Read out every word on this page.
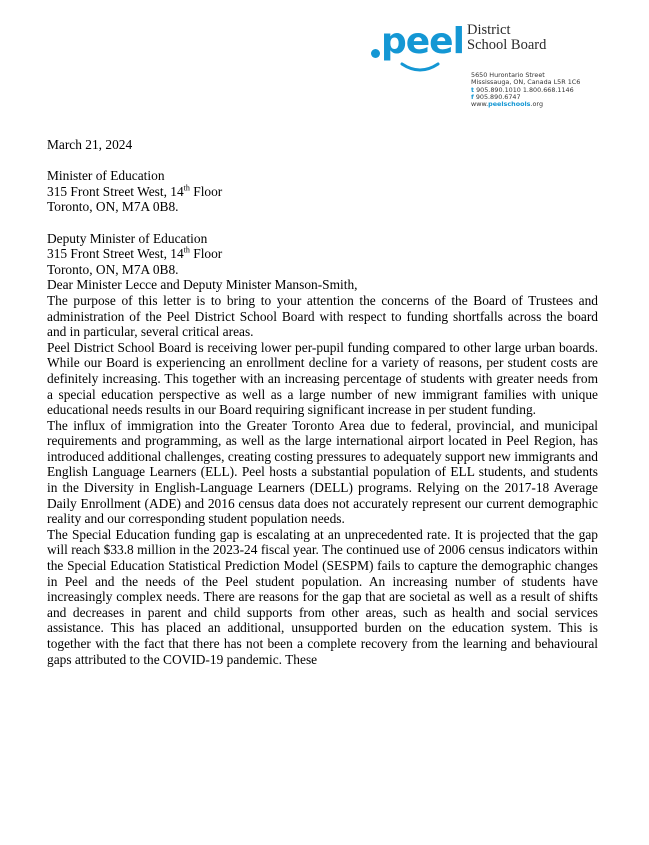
peel District
School Board
5650 Hurontario Street
Mississauga, ON, Canada L5R 1C6
t 905.890.1010 1.800.668.1146
f 905.890.6747
www.peelschools.org

March 21, 2024

Minister of Education

315 Front Street West, 14th Floor

Toronto, ON, M7A 0B8.

Deputy Minister of Education

315 Front Street West, 14th Floor

Toronto, ON, M7A 0B8.

Dear Minister Lecce and Deputy Minister Manson-Smith,

The purpose of this letter is to bring to your attention the concerns of the Board of Trustees and administration of the Peel District School Board with respect to funding shortfalls across the board and in particular, several critical areas.

Peel District School Board is receiving lower per-pupil funding compared to other large urban boards. While our Board is experiencing an enrollment decline for a variety of reasons, per student costs are definitely increasing. This together with an increasing percentage of students with greater needs from a special education perspective as well as a large number of new immigrant families with unique educational needs results in our Board requiring significant increase in per student funding.

The influx of immigration into the Greater Toronto Area due to federal, provincial, and municipal requirements and programming, as well as the large international airport located in Peel Region, has introduced additional challenges, creating costing pressures to adequately support new immigrants and English Language Learners (ELL). Peel hosts a substantial population of ELL students, and students in the Diversity in English-Language Learners (DELL) programs. Relying on the 2017-18 Average Daily Enrollment (ADE) and 2016 census data does not accurately represent our current demographic reality and our corresponding student population needs.

The Special Education funding gap is escalating at an unprecedented rate. It is projected that the gap will reach $33.8 million in the 2023-24 fiscal year. The continued use of 2006 census indicators within the Special Education Statistical Prediction Model (SESPM) fails to capture the demographic changes in Peel and the needs of the Peel student population. An increasing number of students have increasingly complex needs. There are reasons for the gap that are societal as well as a result of shifts and decreases in parent and child supports from other areas, such as health and social services assistance. This has placed an additional, unsupported burden on the education system. This is together with the fact that there has not been a complete recovery from the learning and behavioural gaps attributed to the COVID-19 pandemic. These
